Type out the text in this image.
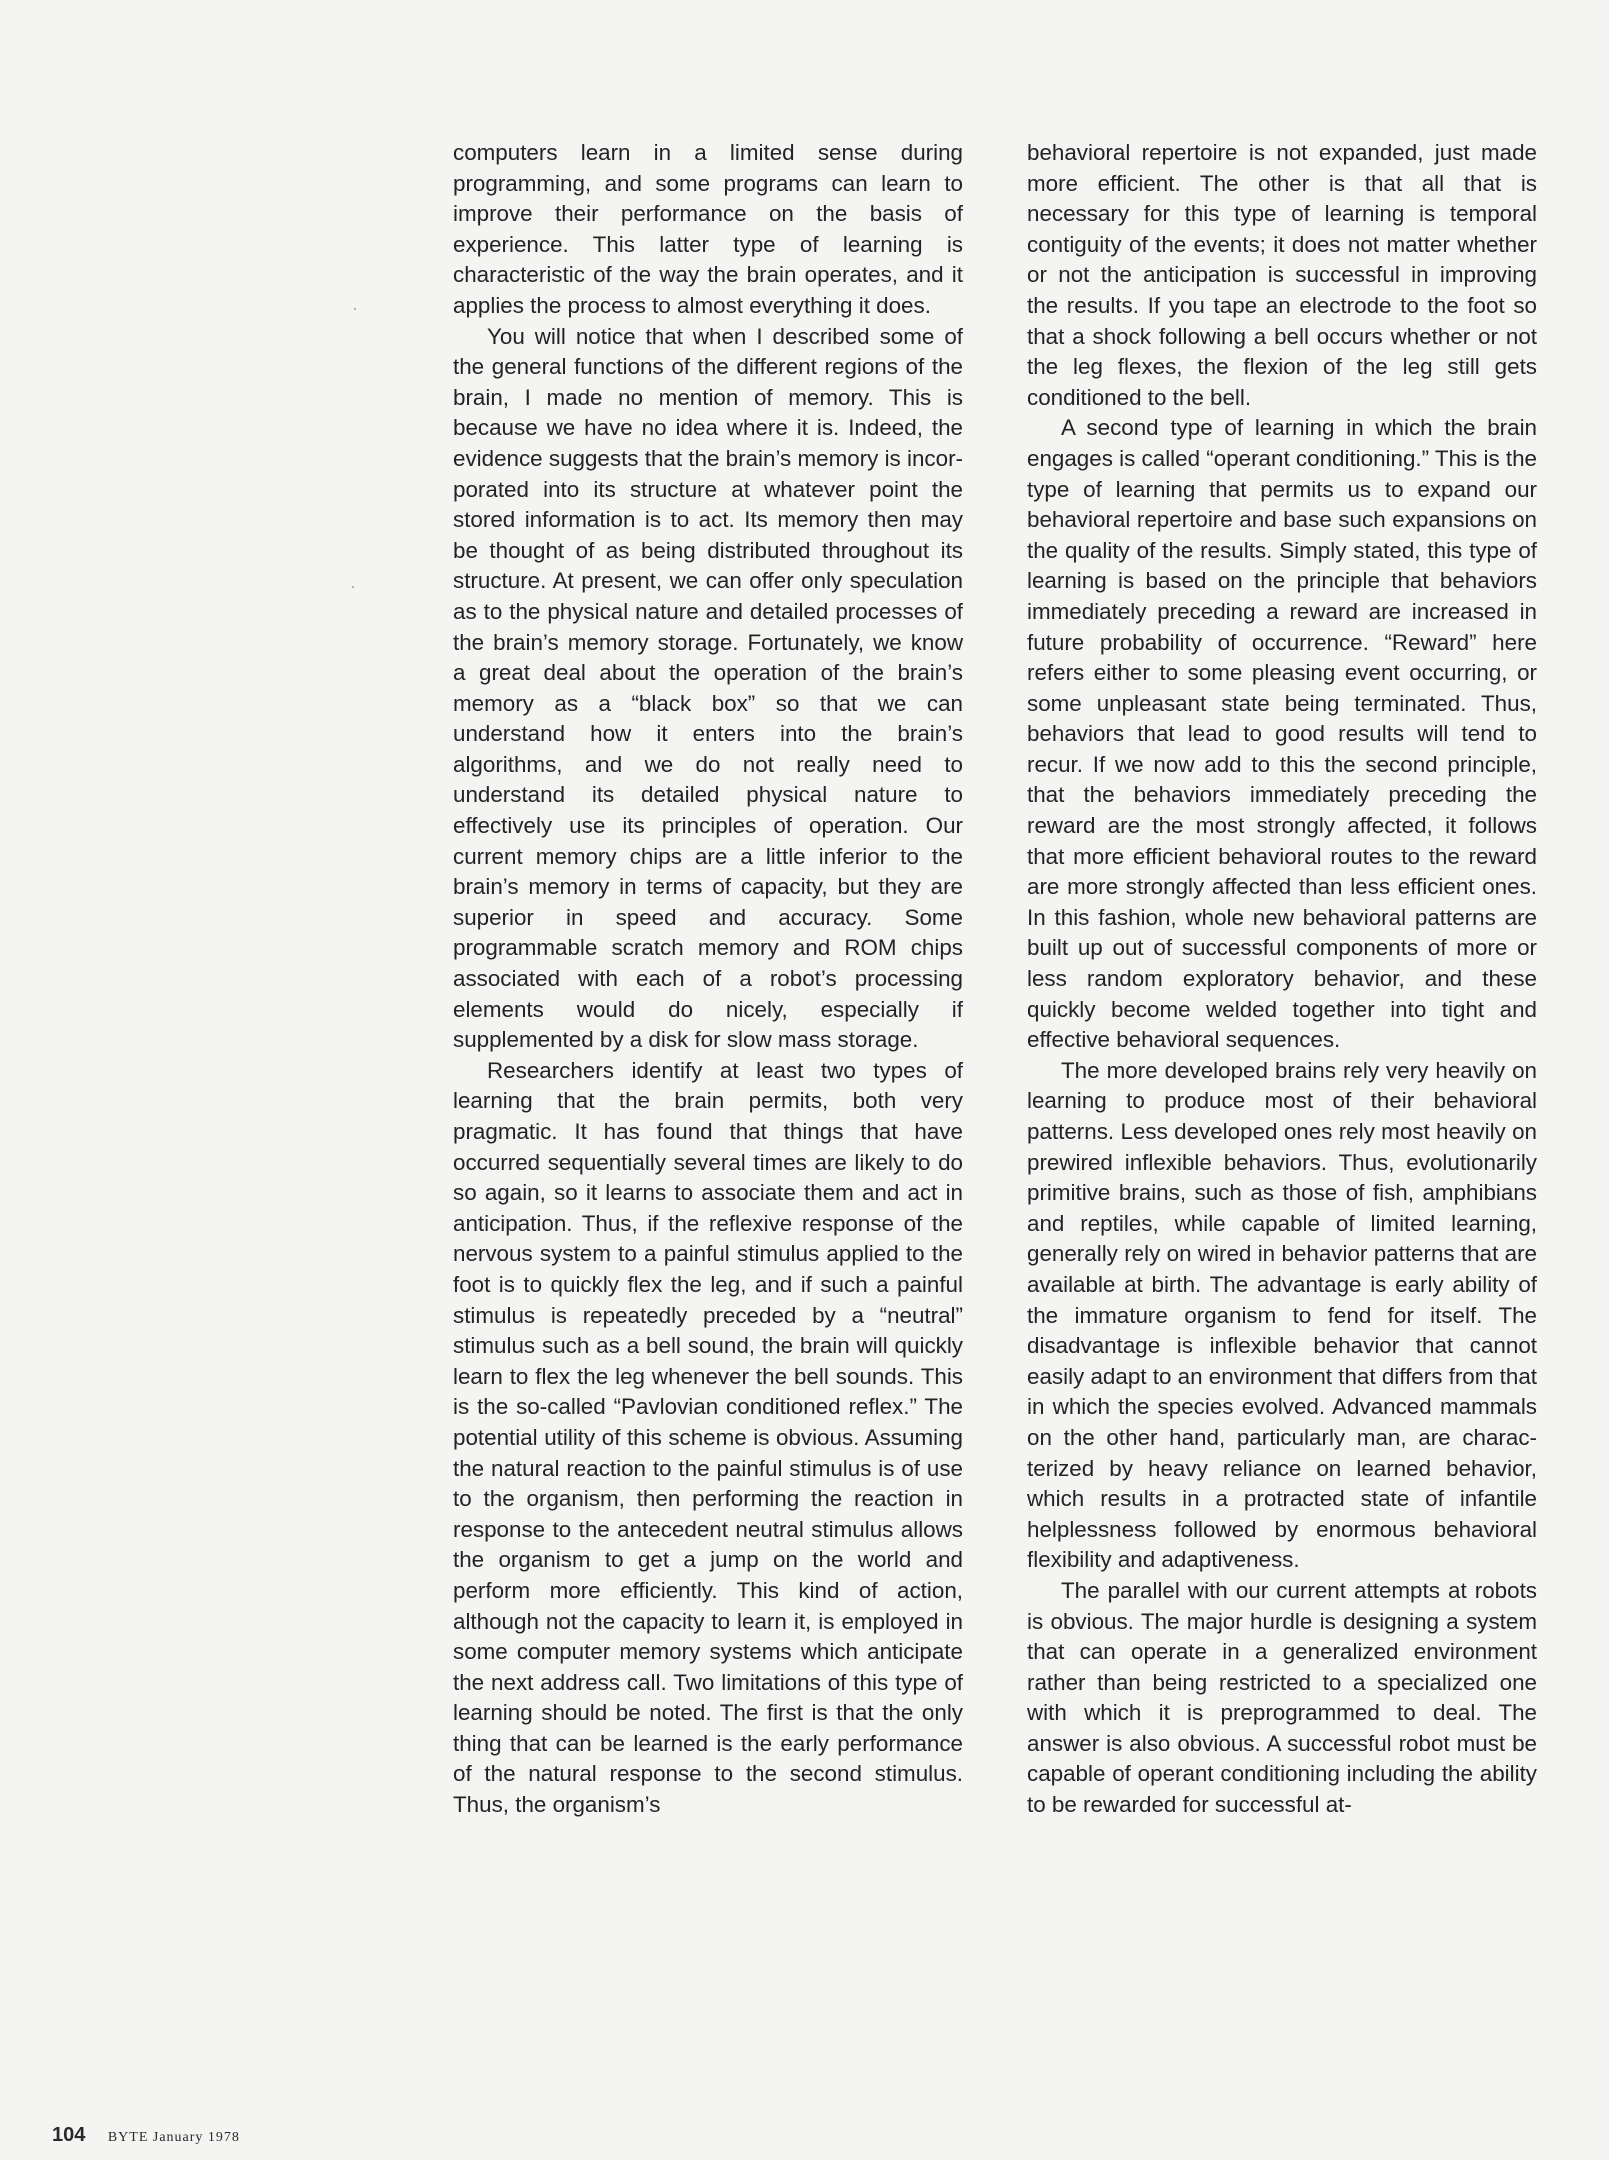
computers learn in a limited sense during programming, and some programs can learn to improve their performance on the basis of experience. This latter type of learning is characteristic of the way the brain operates, and it applies the process to almost everything it does.

You will notice that when I described some of the general functions of the different regions of the brain, I made no mention of memory. This is because we have no idea where it is. Indeed, the evidence suggests that the brain’s memory is incorporated into its structure at whatever point the stored information is to act. Its memory then may be thought of as being distributed throughout its structure. At present, we can offer only speculation as to the physical nature and detailed processes of the brain’s memory storage. Fortunately, we know a great deal about the operation of the brain’s memory as a “black box” so that we can understand how it enters into the brain’s algorithms, and we do not really need to understand its detailed physical nature to effectively use its principles of operation. Our current memory chips are a little inferior to the brain’s memory in terms of capacity, but they are superior in speed and accuracy. Some programmable scratch memory and ROM chips associated with each of a robot’s processing elements would do nicely, especially if supplemented by a disk for slow mass storage.

Researchers identify at least two types of learning that the brain permits, both very pragmatic. It has found that things that have occurred sequentially several times are likely to do so again, so it learns to associate them and act in anticipation. Thus, if the reflexive response of the nervous system to a painful stimulus applied to the foot is to quickly flex the leg, and if such a painful stimulus is repeatedly preceded by a “neutral” stimulus such as a bell sound, the brain will quickly learn to flex the leg whenever the bell sounds. This is the so-called “Pavlovian conditioned reflex.” The potential utility of this scheme is obvious. Assuming the natural reaction to the painful stimulus is of use to the organism, then performing the reaction in response to the antecedent neutral stimulus allows the organism to get a jump on the world and perform more efficiently. This kind of action, although not the capacity to learn it, is employed in some computer memory systems which anticipate the next address call. Two limitations of this type of learning should be noted. The first is that the only thing that can be learned is the early performance of the natural response to the second stimulus. Thus, the organism’s

behavioral repertoire is not expanded, just made more efficient. The other is that all that is necessary for this type of learning is temporal contiguity of the events; it does not matter whether or not the anticipation is successful in improving the results. If you tape an electrode to the foot so that a shock following a bell occurs whether or not the leg flexes, the flexion of the leg still gets conditioned to the bell.

A second type of learning in which the brain engages is called “operant conditioning.” This is the type of learning that permits us to expand our behavioral repertoire and base such expansions on the quality of the results. Simply stated, this type of learning is based on the principle that behaviors immediately preceding a reward are increased in future probability of occurrence. “Reward” here refers either to some pleasing event occurring, or some unpleasant state being terminated. Thus, behaviors that lead to good results will tend to recur. If we now add to this the second principle, that the behaviors immediately preceding the reward are the most strongly affected, it follows that more efficient behavioral routes to the reward are more strongly affected than less efficient ones. In this fashion, whole new behavioral patterns are built up out of successful components of more or less random exploratory behavior, and these quickly become welded together into tight and effective behavioral sequences.

The more developed brains rely very heavily on learning to produce most of their behavioral patterns. Less developed ones rely most heavily on prewired inflexible behaviors. Thus, evolutionarily primitive brains, such as those of fish, amphibians and reptiles, while capable of limited learning, generally rely on wired in behavior patterns that are available at birth. The advantage is early ability of the immature organism to fend for itself. The disadvantage is inflexible behavior that cannot easily adapt to an environment that differs from that in which the species evolved. Advanced mammals on the other hand, particularly man, are characterized by heavy reliance on learned behavior, which results in a protracted state of infantile helplessness followed by enormous behavioral flexibility and adaptiveness.

The parallel with our current attempts at robots is obvious. The major hurdle is designing a system that can operate in a generalized environment rather than being restricted to a specialized one with which it is preprogrammed to deal. The answer is also obvious. A successful robot must be capable of operant conditioning including the ability to be rewarded for successful at-

104 BYTE January 1978
